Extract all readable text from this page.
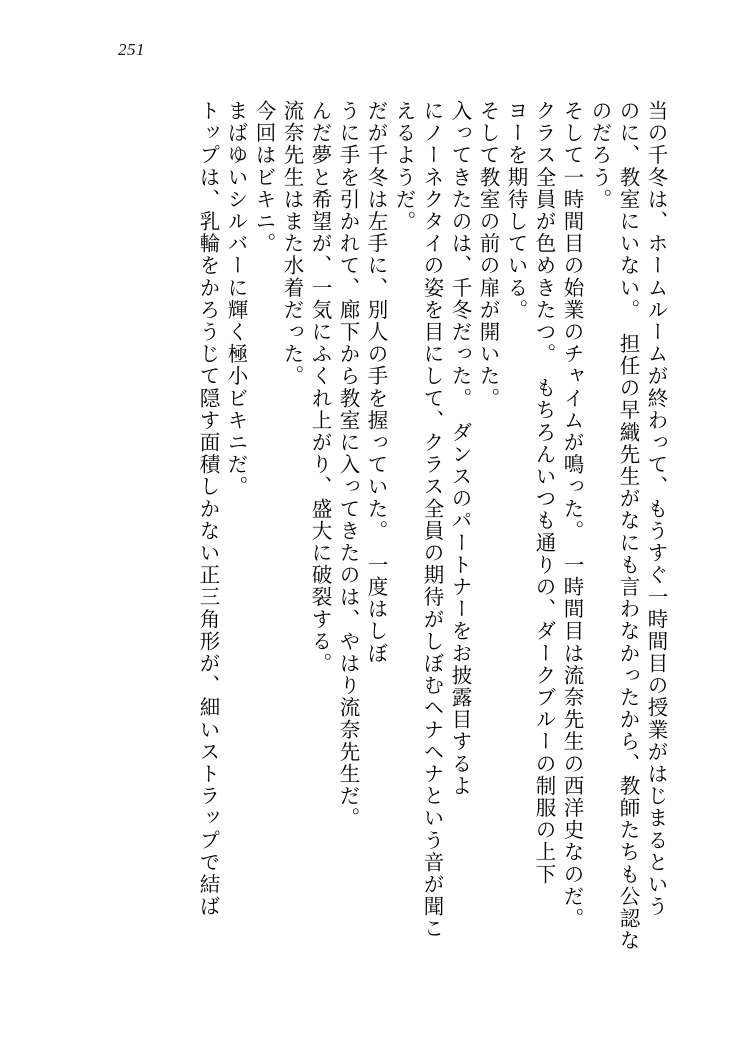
251
当の千冬は、ホームルームが終わって、もうすぐ一時間目の授業がはじまるという
のに、教室にいない。　担任の早織先生がなにも言わなかったから、教師たちも公認な
のだろう。
そして一時間目の始業のチャイムが鳴った。　一時間目は流奈先生の西洋史なのだ。
クラス全員が色めきたつ。　もちろんいつも通りの、ダークブルーの制服の上下
ヨーを期待している。
そして教室の前の扉が開いた。
入ってきたのは、千冬だった。　ダンスのパートナーをお披露目するよ
にノーネクタイの姿を目にして、クラス全員の期待がしぼむヘナヘナという音が聞こ
えるようだ。
だが千冬は左手に、別人の手を握っていた。　一度はしぼ
うに手を引かれて、廊下から教室に入ってきたのは、やはり流奈先生だ。
んだ夢と希望が、一気にふくれ上がり、盛大に破裂する。
流奈先生はまた水着だった。
今回はビキニ。
まばゆいシルバーに輝く極小ビキニだ。
トップは、乳輪をかろうじて隠す面積しかない正三角形が、細いストラップで結ば
